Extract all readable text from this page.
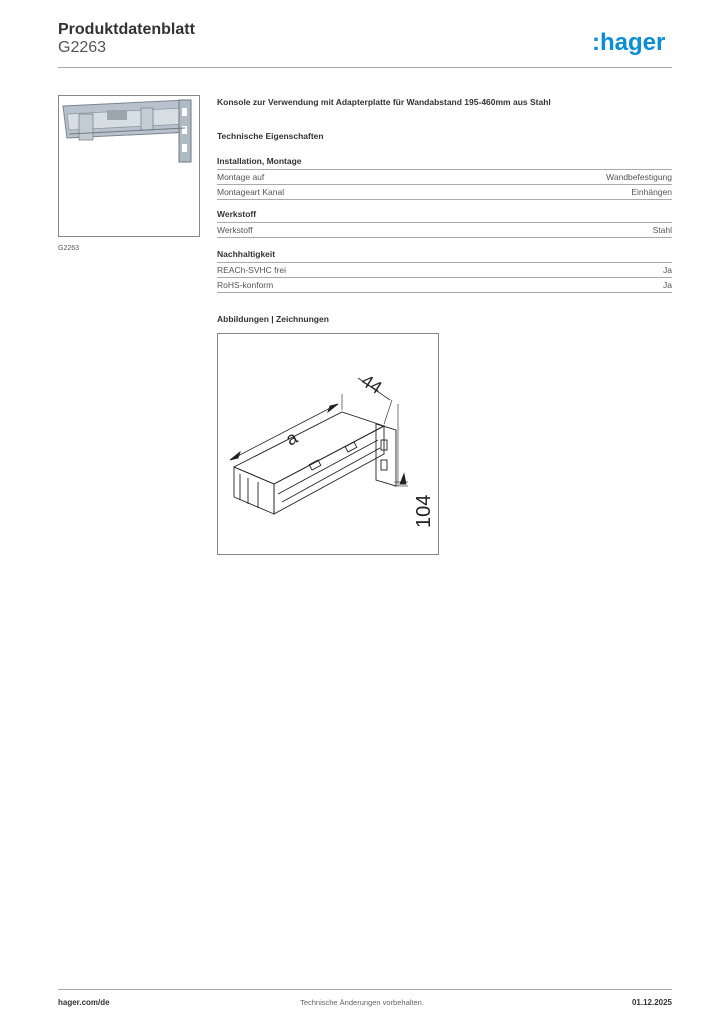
Produktdatenblatt
G2263	:hager
G2263
Konsole zur Verwendung mit Adapterplatte für Wandabstand 195-460mm aus Stahl
Technische Eigenschaften
Installation, Montage
Montage auf	Wandbefestigung
Montageart Kanal	Einhängen
Werkstoff
Werkstoff	Stahl
Nachhaltigkeit
REACh-SVHC frei	Ja
RoHS-konform	Ja
Abbildungen | Zeichnungen
a
44
104
hager.com/de	Technische Änderungen vorbehalten.	01.12.2025
